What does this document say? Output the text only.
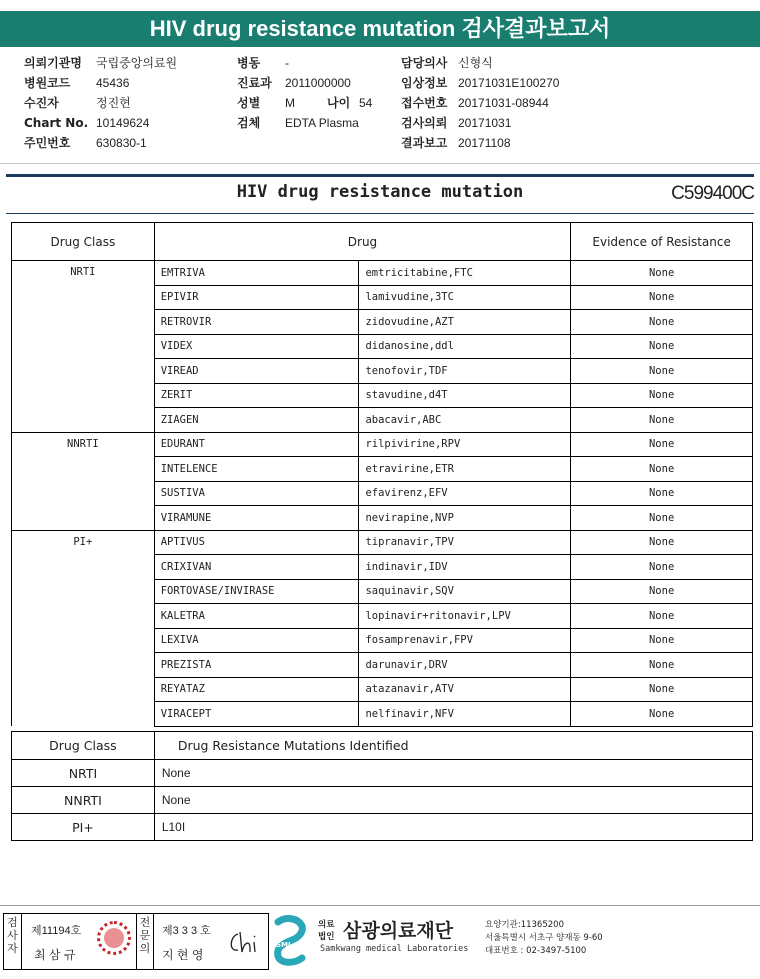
HIV drug resistance mutation 검사결과보고서
의뢰기관명	국립중앙의료원
병원코드	45436
수진자	정진현
Chart No. 10149624
주민번호	630830-1
병동	-
진료과	2011000000
성별	M	나이 54
검체	EDTA Plasma
담당의사 신형식
임상정보 20171031E100270
접수번호 20171031-08944
검사의뢰 20171031
결과보고 20171108
HIV drug resistance mutation	C599400C
Drug Class	Drug		Evidence of Resistance
NRTI	EMTRIVA	emtricitabine,FTC	None
	EPIVIR	lamivudine,3TC	None
	RETROVIR	zidovudine,AZT	None
	VIDEX	didanosine,ddl	None
	VIREAD	tenofovir,TDF	None
	ZERIT	stavudine,d4T	None
	ZIAGEN	abacavir,ABC	None
NNRTI	EDURANT	rilpivirine,RPV	None
	INTELENCE	etravirine,ETR	None
	SUSTIVA	efavirenz,EFV	None
	VIRAMUNE	nevirapine,NVP	None
PI+	APTIVUS	tipranavir,TPV	None
	CRIXIVAN	indinavir,IDV	None
	FORTOVASE/INVIRASE	saquinavir,SQV	None
	KALETRA	lopinavir+ritonavir,LPV	None
	LEXIVA	fosamprenavir,FPV	None
	PREZISTA	darunavir,DRV	None
	REYATAZ	atazanavir,ATV	None
	VIRACEPT	nelfinavir,NFV	None
Drug Class	Drug Resistance Mutations Identified
NRTI	None
NNRTI	None
PI+	L10I
검사자
제11194호
최 삼 규
전문의
제3 3 3 호
지 현 영
SML
의료
법인 삼광의료재단
Samkwang medical Laboratories
요양기관:11365200
서울특별시 서초구 양재동 9-60
대표번호 : 02-3497-5100
